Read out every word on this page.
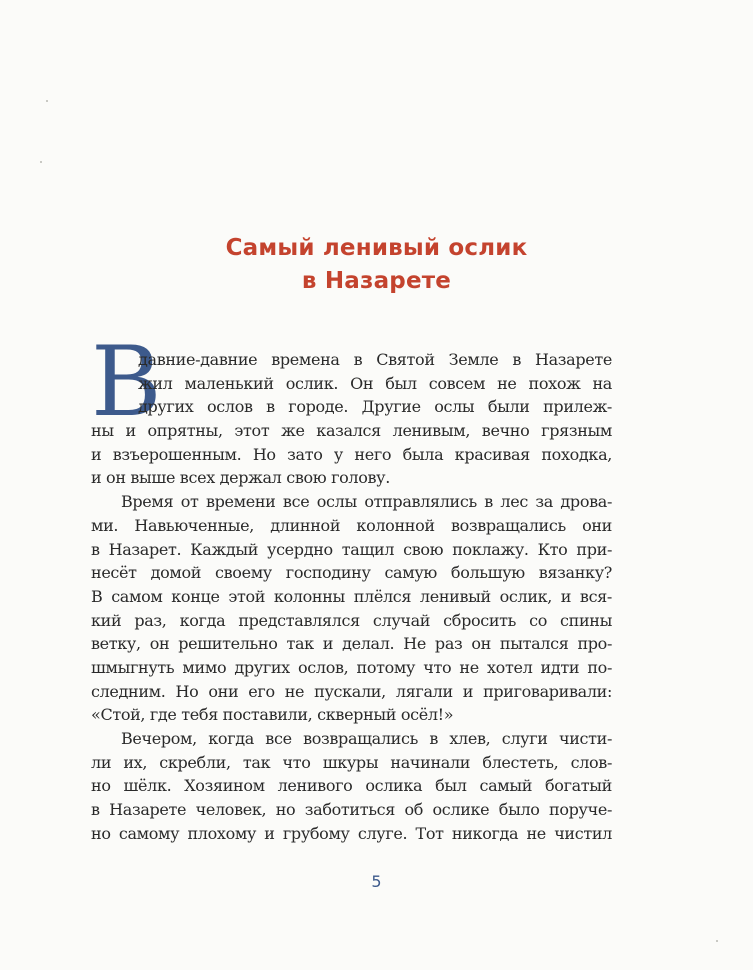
Самый ленивый ослик
в Назарете
В
давние-давние времена в Святой Земле в Назарете
жил маленький ослик. Он был совсем не похож на
других ослов в городе. Другие ослы были прилеж-
ны и опрятны, этот же казался ленивым, вечно грязным
и взъерошенным. Но зато у него была красивая походка,
и он выше всех держал свою голову.
Время от времени все ослы отправлялись в лес за дрова-
ми. Навьюченные, длинной колонной возвращались они
в Назарет. Каждый усердно тащил свою поклажу. Кто при-
несёт домой своему господину самую большую вязанку?
В самом конце этой колонны плёлся ленивый ослик, и вся-
кий раз, когда представлялся случай сбросить со спины
ветку, он решительно так и делал. Не раз он пытался про-
шмыгнуть мимо других ослов, потому что не хотел идти по-
следним. Но они его не пускали, лягали и приговаривали:
«Стой, где тебя поставили, скверный осёл!»
Вечером, когда все возвращались в хлев, слуги чисти-
ли их, скребли, так что шкуры начинали блестеть, слов-
но шёлк. Хозяином ленивого ослика был самый богатый
в Назарете человек, но заботиться об ослике было поруче-
но самому плохому и грубому слуге. Тот никогда не чистил
5
